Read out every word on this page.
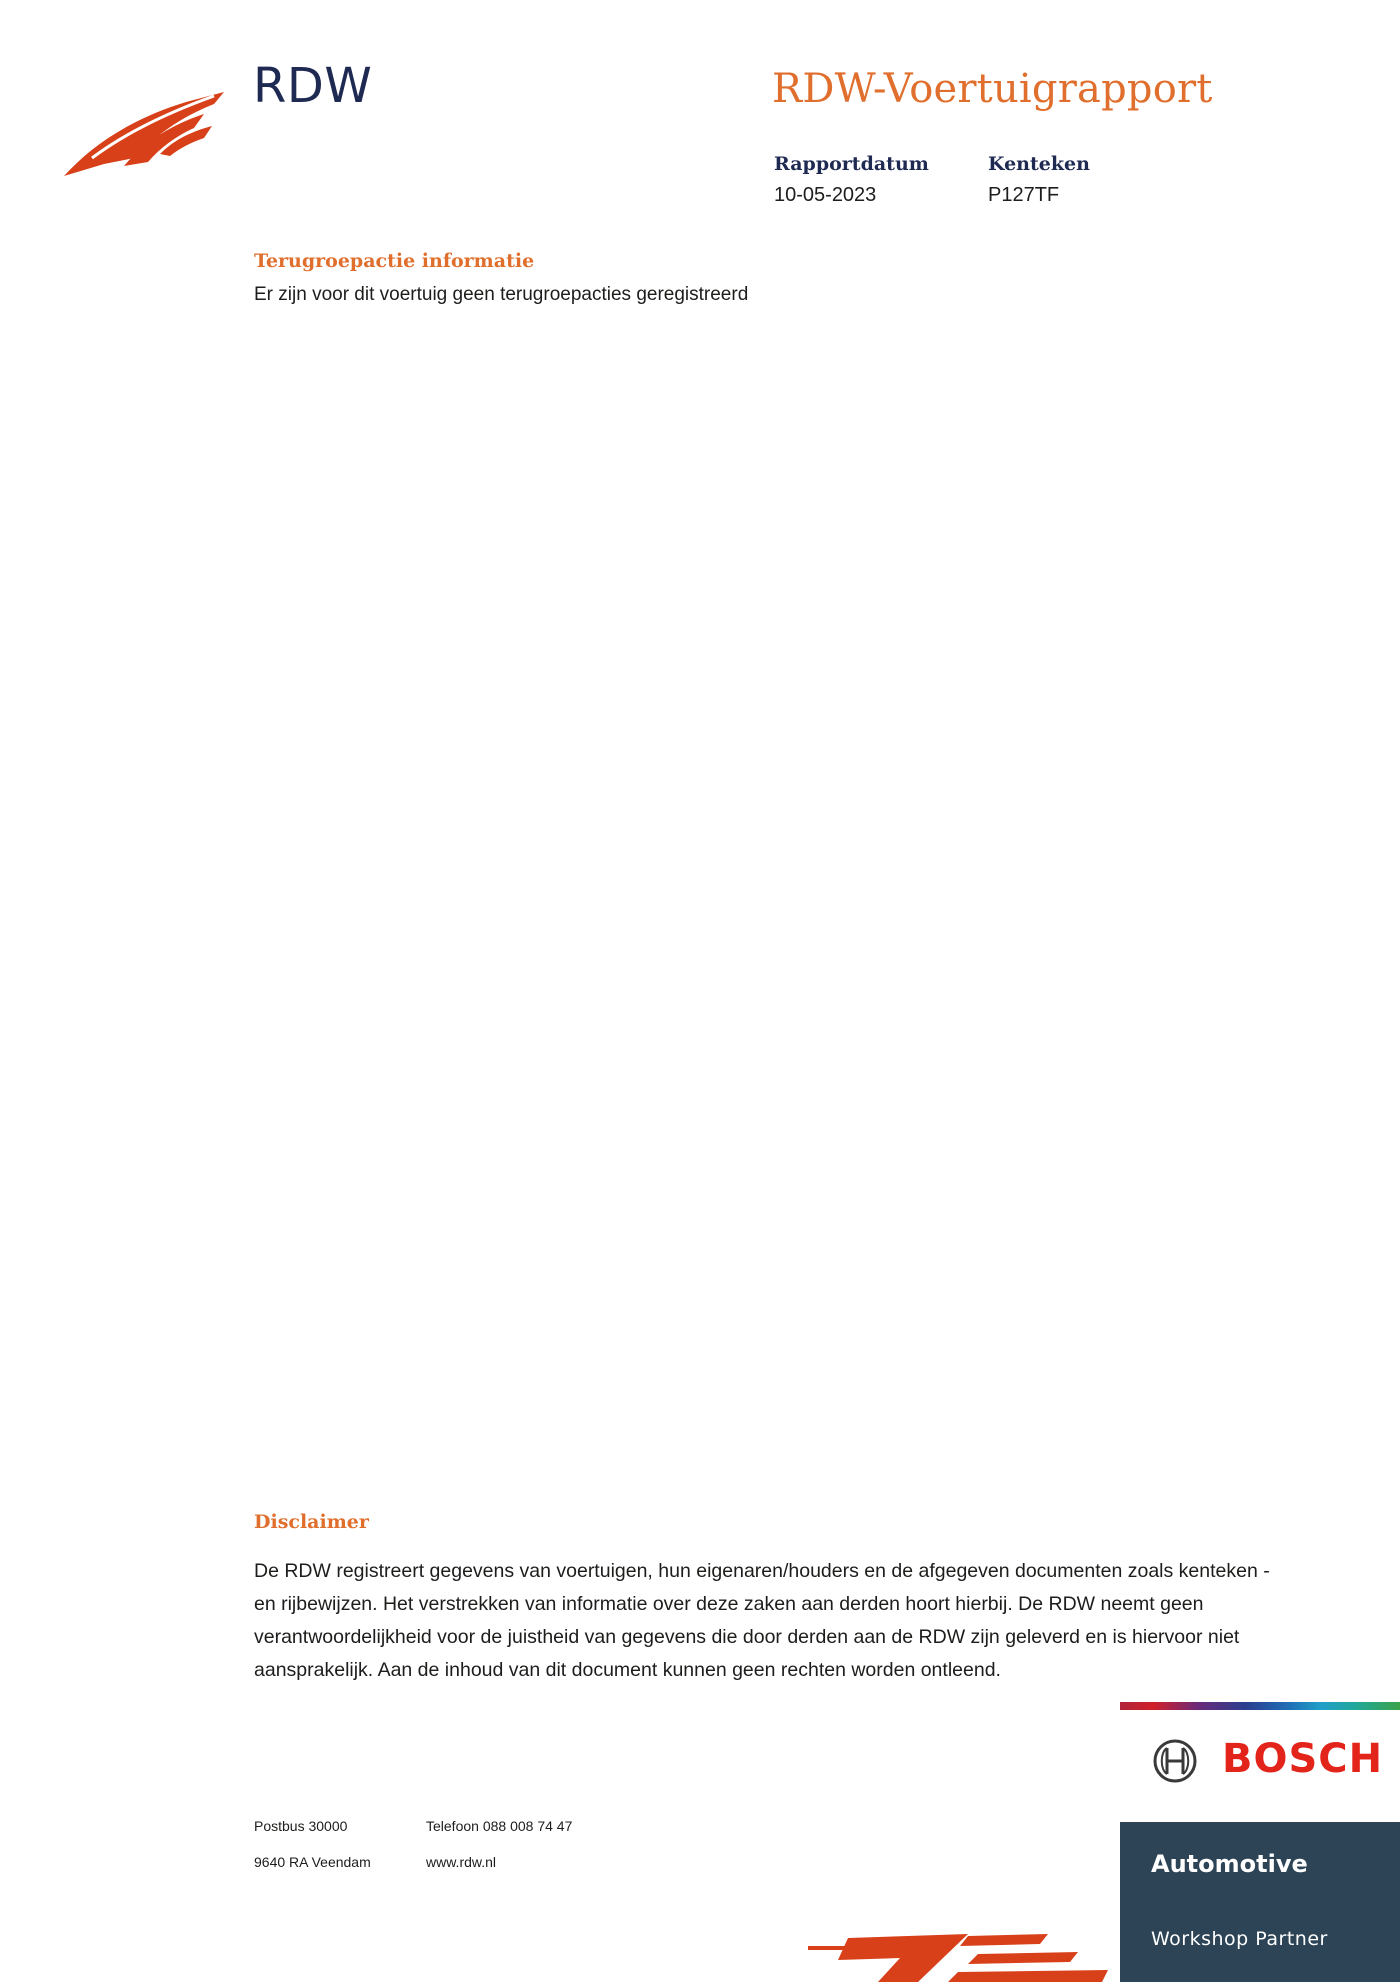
RDW	RDW-Voertuigrapport
Rapportdatum
10-05-2023
Kenteken
P127TF
Terugroepactie informatie
Er zijn voor dit voertuig geen terugroepacties geregistreerd
Disclaimer
De RDW registreert gegevens van voertuigen, hun eigenaren/houders en de afgegeven documenten zoals kenteken - en rijbewijzen. Het verstrekken van informatie over deze zaken aan derden hoort hierbij. De RDW neemt geen verantwoordelijkheid voor de juistheid van gegevens die door derden aan de RDW zijn geleverd en is hiervoor niet aansprakelijk. Aan de inhoud van dit document kunnen geen rechten worden ontleend.
Postbus 30000
9640 RA Veendam
Telefoon 088 008 74 47
www.rdw.nl
BOSCH
Automotive
Workshop Partner
